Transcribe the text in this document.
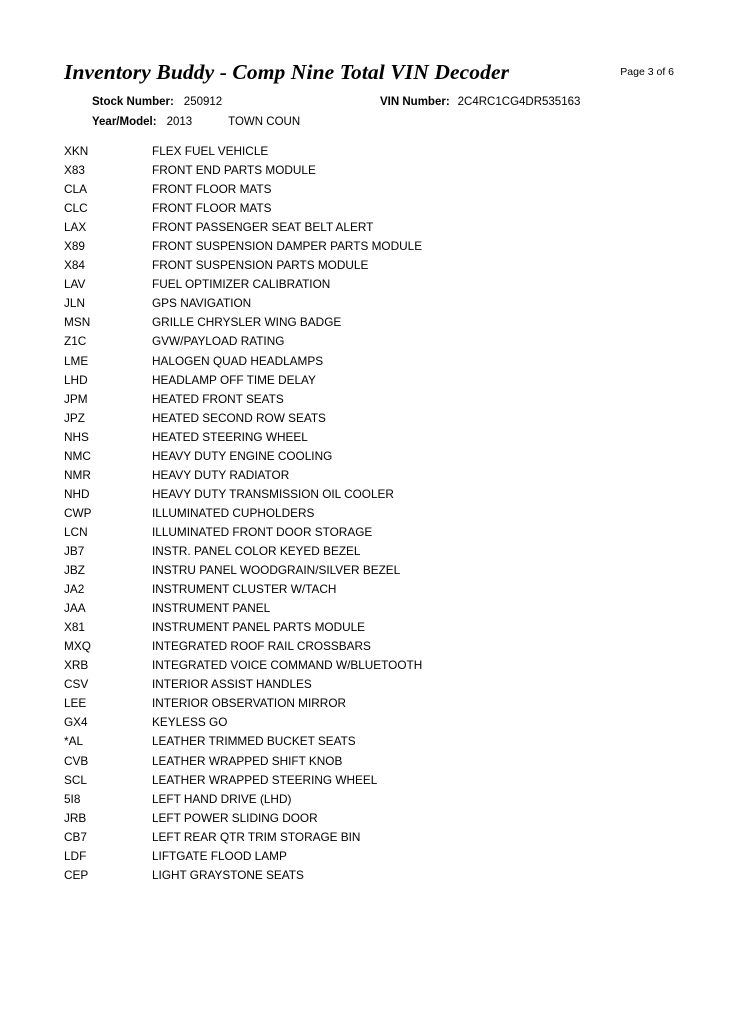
Inventory Buddy - Comp Nine Total VIN Decoder	Page 3 of 6
Stock Number: 250912	VIN Number: 2C4RC1CG4DR535163
Year/Model: 2013	TOWN COUN
XKN	FLEX FUEL VEHICLE
X83	FRONT END PARTS MODULE
CLA	FRONT FLOOR MATS
CLC	FRONT FLOOR MATS
LAX	FRONT PASSENGER SEAT BELT ALERT
X89	FRONT SUSPENSION DAMPER PARTS MODULE
X84	FRONT SUSPENSION PARTS MODULE
LAV	FUEL OPTIMIZER CALIBRATION
JLN	GPS NAVIGATION
MSN	GRILLE CHRYSLER WING BADGE
Z1C	GVW/PAYLOAD RATING
LME	HALOGEN QUAD HEADLAMPS
LHD	HEADLAMP OFF TIME DELAY
JPM	HEATED FRONT SEATS
JPZ	HEATED SECOND ROW SEATS
NHS	HEATED STEERING WHEEL
NMC	HEAVY DUTY ENGINE COOLING
NMR	HEAVY DUTY RADIATOR
NHD	HEAVY DUTY TRANSMISSION OIL COOLER
CWP	ILLUMINATED CUPHOLDERS
LCN	ILLUMINATED FRONT DOOR STORAGE
JB7	INSTR. PANEL COLOR KEYED BEZEL
JBZ	INSTRU PANEL WOODGRAIN/SILVER BEZEL
JA2	INSTRUMENT CLUSTER W/TACH
JAA	INSTRUMENT PANEL
X81	INSTRUMENT PANEL PARTS MODULE
MXQ	INTEGRATED ROOF RAIL CROSSBARS
XRB	INTEGRATED VOICE COMMAND W/BLUETOOTH
CSV	INTERIOR ASSIST HANDLES
LEE	INTERIOR OBSERVATION MIRROR
GX4	KEYLESS GO
*AL	LEATHER TRIMMED BUCKET SEATS
CVB	LEATHER WRAPPED SHIFT KNOB
SCL	LEATHER WRAPPED STEERING WHEEL
5I8	LEFT HAND DRIVE (LHD)
JRB	LEFT POWER SLIDING DOOR
CB7	LEFT REAR QTR TRIM STORAGE BIN
LDF	LIFTGATE FLOOD LAMP
CEP	LIGHT GRAYSTONE SEATS
